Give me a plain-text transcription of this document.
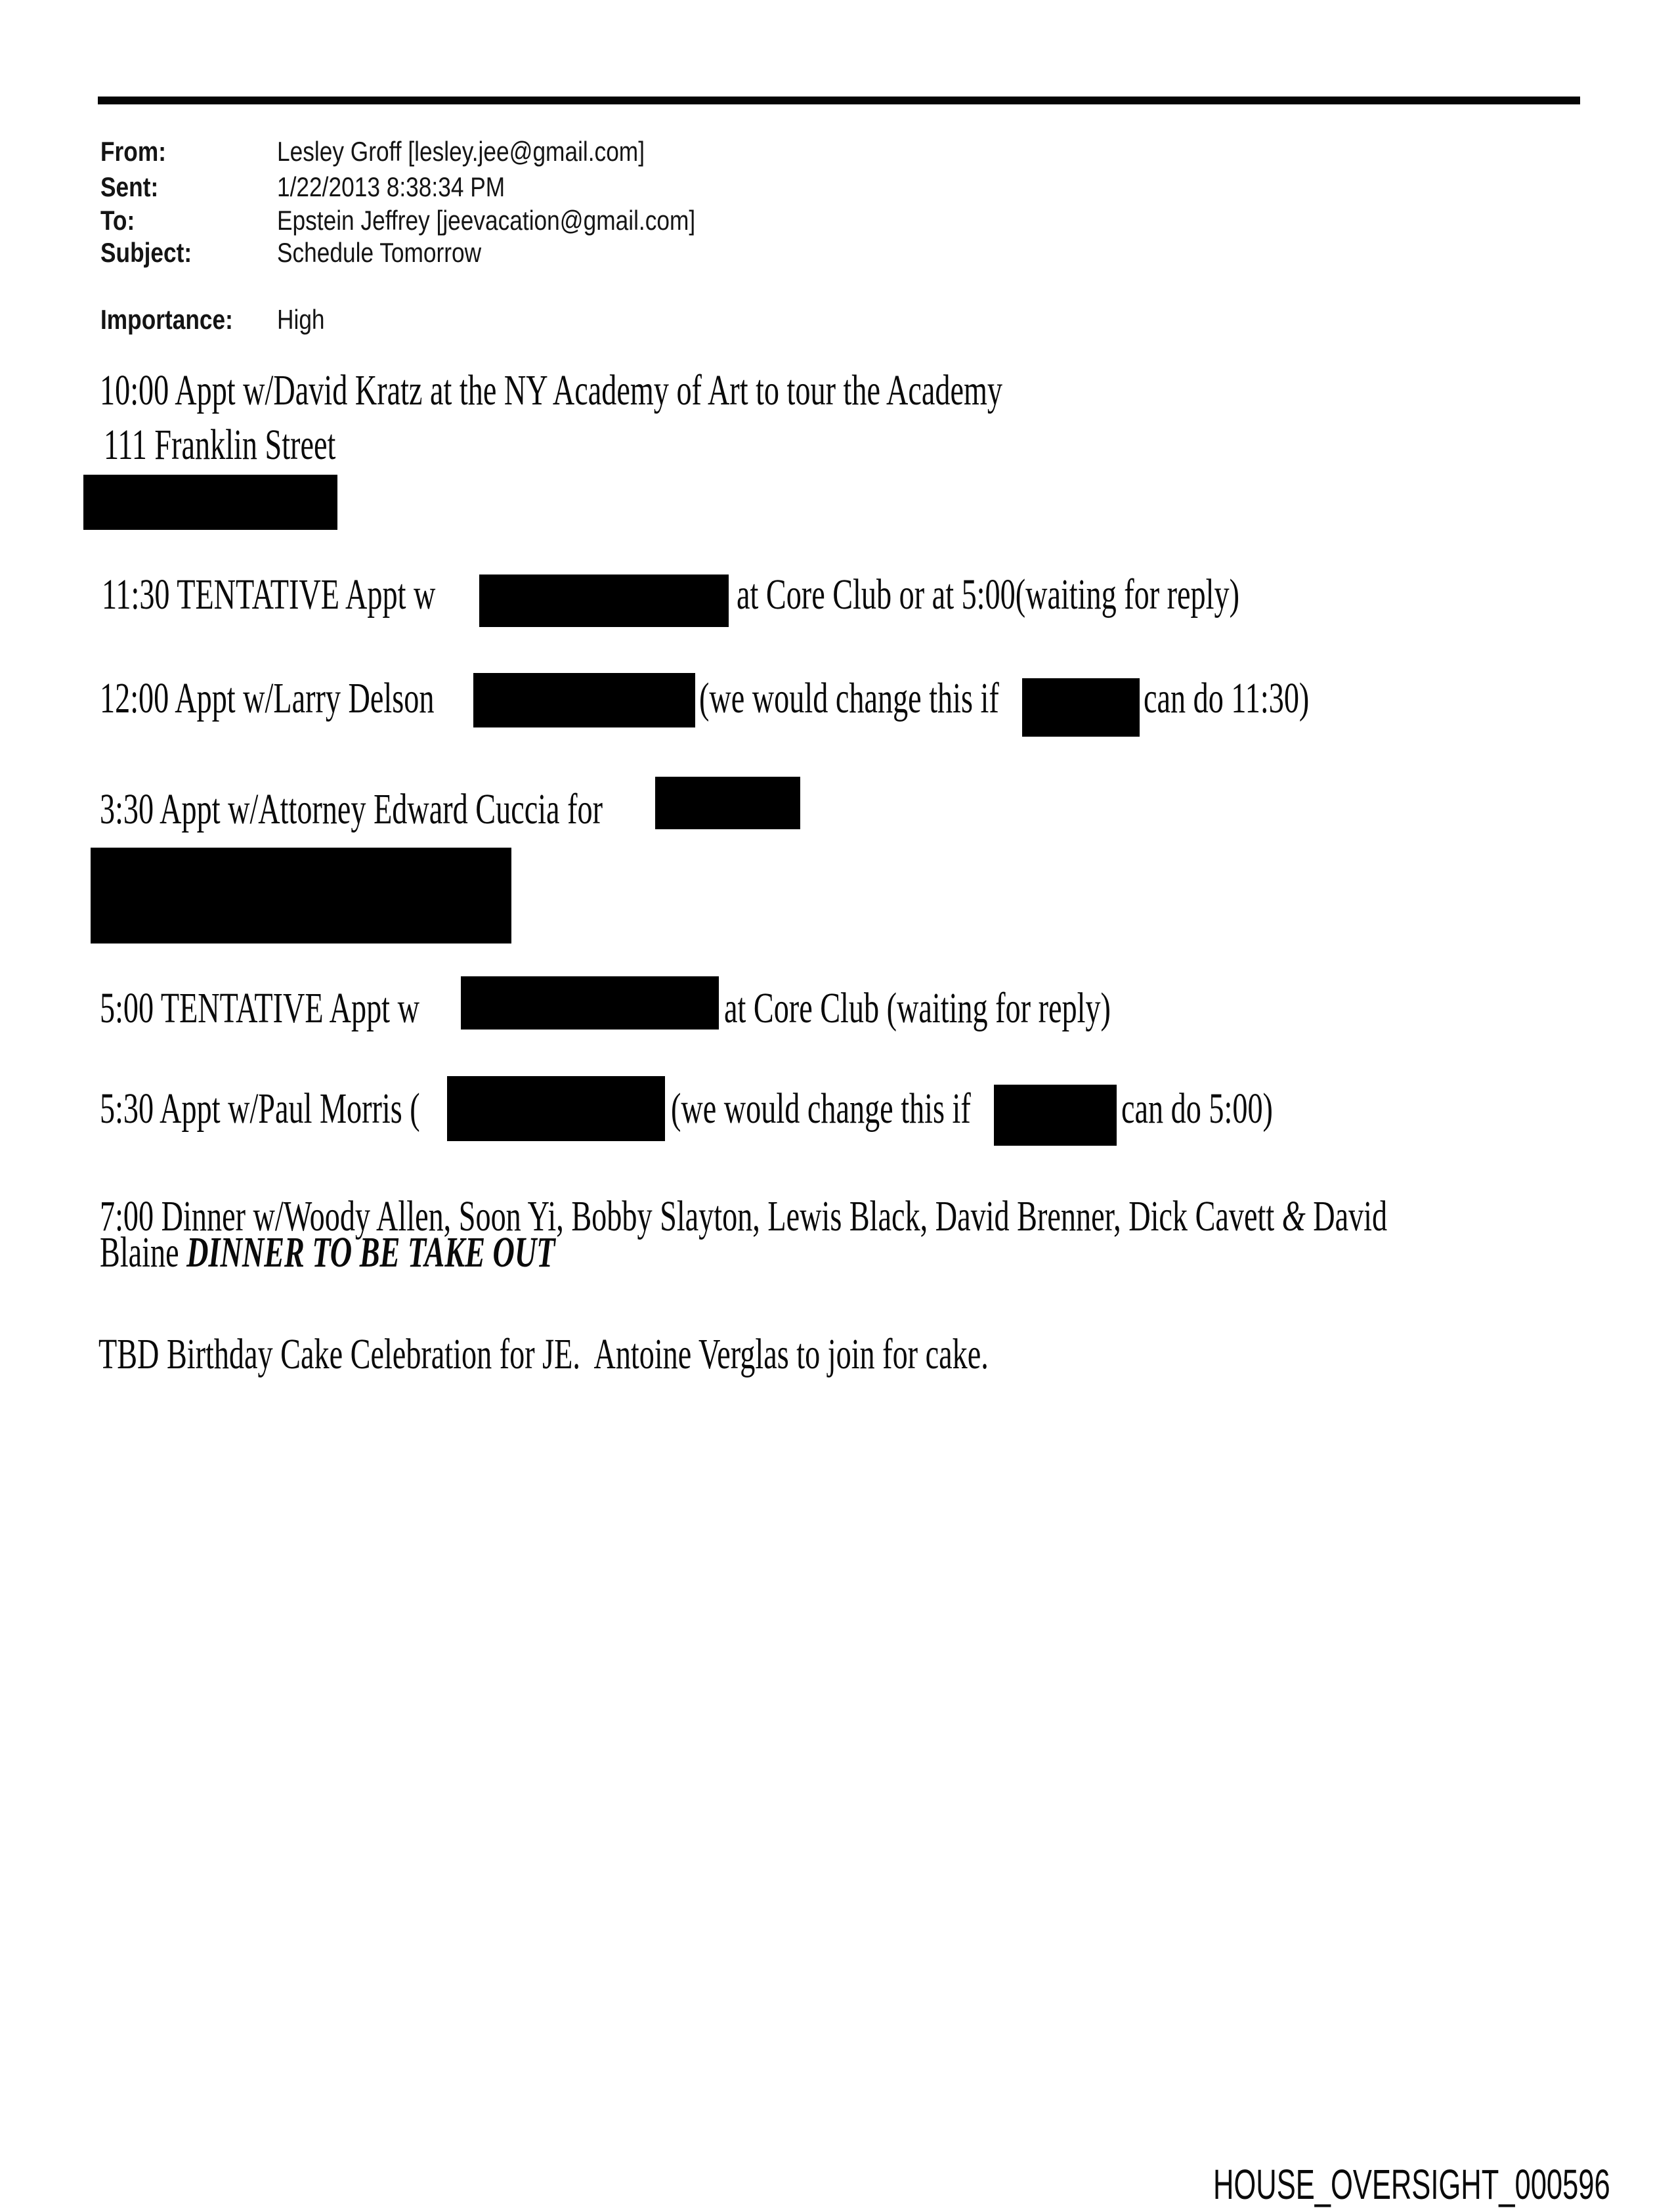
From:	Lesley Groff [lesley.jee@gmail.com]
Sent:	1/22/2013 8:38:34 PM
To:	Epstein Jeffrey [jeevacation@gmail.com]
Subject:	Schedule Tomorrow
Importance: High
10:00 Appt w/David Kratz at the NY Academy of Art to tour the Academy
111 Franklin Street
11:30 TENTATIVE Appt w	at Core Club or at 5:00(waiting for reply)
12:00 Appt w/Larry Delson	(we would change this if	can do 11:30)
3:30 Appt w/Attorney Edward Cuccia for
5:00 TENTATIVE Appt w	at Core Club (waiting for reply)
5:30 Appt w/Paul Morris (	(we would change this if	can do 5:00)
7:00 Dinner w/Woody Allen, Soon Yi, Bobby Slayton, Lewis Black, David Brenner, Dick Cavett & David
Blaine DINNER TO BE TAKE OUT
TBD Birthday Cake Celebration for JE.  Antoine Verglas to join for cake.
HOUSE_OVERSIGHT_000596
